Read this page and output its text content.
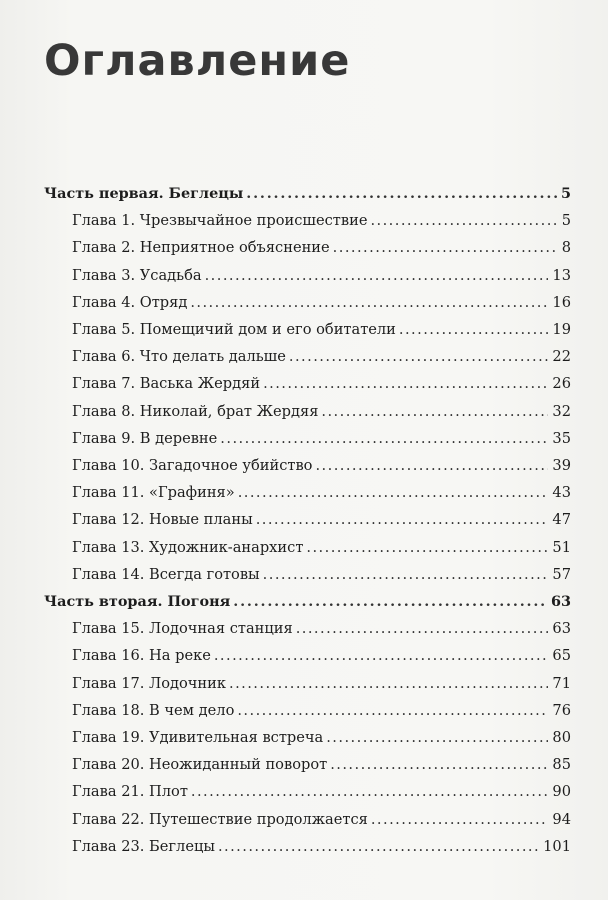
Оглавление
Часть первая. Беглецы . . .	5
Глава 1. Чрезвычайное происшествие . . .	5
Глава 2. Неприятное объяснение . . .	8
Глава 3. Усадьба . . .	13
Глава 4. Отряд . . .	16
Глава 5. Помещичий дом и его обитатели . . .	19
Глава 6. Что делать дальше . . .	22
Глава 7. Васька Жердяй . . .	26
Глава 8. Николай, брат Жердяя . . .	32
Глава 9. В деревне . . .	35
Глава 10. Загадочное убийство . . .	39
Глава 11. «Графиня» . . .	43
Глава 12. Новые планы . . .	47
Глава 13. Художник-анархист . . .	51
Глава 14. Всегда готовы . . .	57
Часть вторая. Погоня . . .	63
Глава 15. Лодочная станция . . .	63
Глава 16. На реке . . .	65
Глава 17. Лодочник . . .	71
Глава 18. В чем дело . . .	76
Глава 19. Удивительная встреча . . .	80
Глава 20. Неожиданный поворот . . .	85
Глава 21. Плот . . .	90
Глава 22. Путешествие продолжается . . .	94
Глава 23. Беглецы . . .	101
